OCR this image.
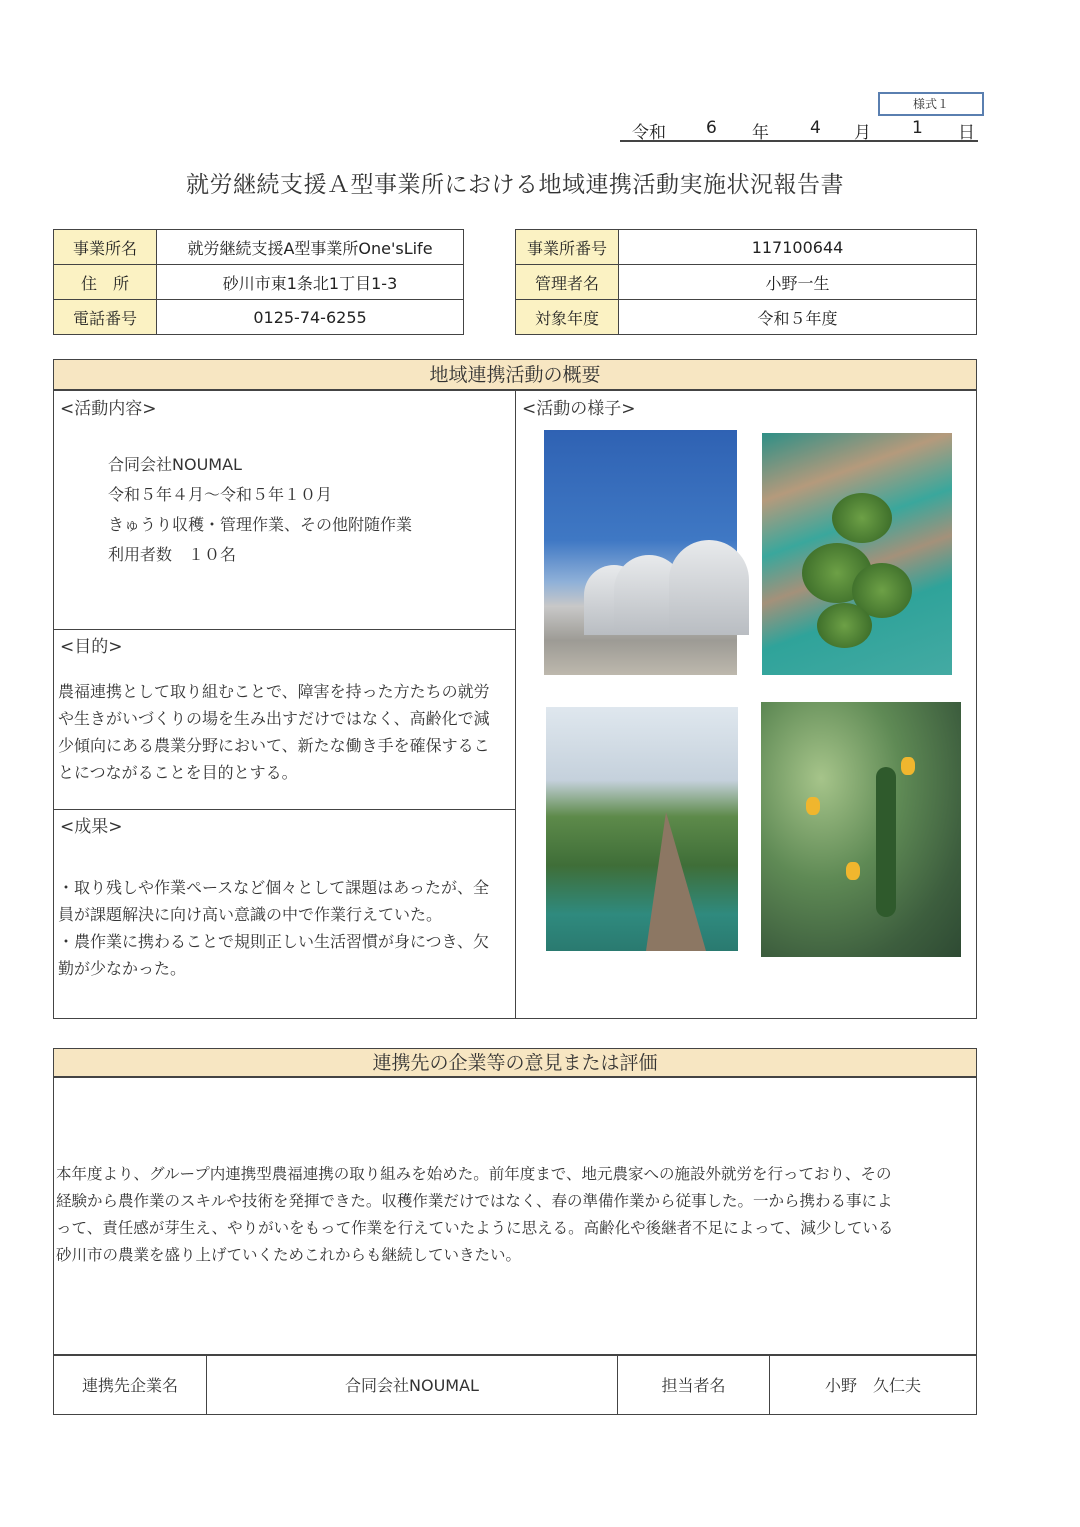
様式１
令和 6 年 4 月 1 日
就労継続支援Ａ型事業所における地域連携活動実施状況報告書
事業所名	就労継続支援A型事業所One'sLife
住　所	砂川市東1条北1丁目1-3
電話番号	0125-74-6255
事業所番号	117100644
管理者名	小野一生
対象年度	令和５年度
地域連携活動の概要
<活動内容>
合同会社NOUMAL
令和５年４月～令和５年１０月
きゅうり収穫・管理作業、その他附随作業
利用者数　１０名
<目的>
農福連携として取り組むことで、障害を持った方たちの就労
や生きがいづくりの場を生み出すだけではなく、高齢化で減
少傾向にある農業分野において、新たな働き手を確保するこ
とにつながることを目的とする。
<成果>
・取り残しや作業ペースなど個々として課題はあったが、全
員が課題解決に向け高い意識の中で作業行えていた。
・農作業に携わることで規則正しい生活習慣が身につき、欠
勤が少なかった。
<活動の様子>
連携先の企業等の意見または評価
本年度より、グループ内連携型農福連携の取り組みを始めた。前年度まで、地元農家への施設外就労を行っており、その
経験から農作業のスキルや技術を発揮できた。収穫作業だけではなく、春の準備作業から従事した。一から携わる事によ
って、責任感が芽生え、やりがいをもって作業を行えていたように思える。高齢化や後継者不足によって、減少している
砂川市の農業を盛り上げていくためこれからも継続していきたい。
連携先企業名	合同会社NOUMAL	担当者名	小野　久仁夫
